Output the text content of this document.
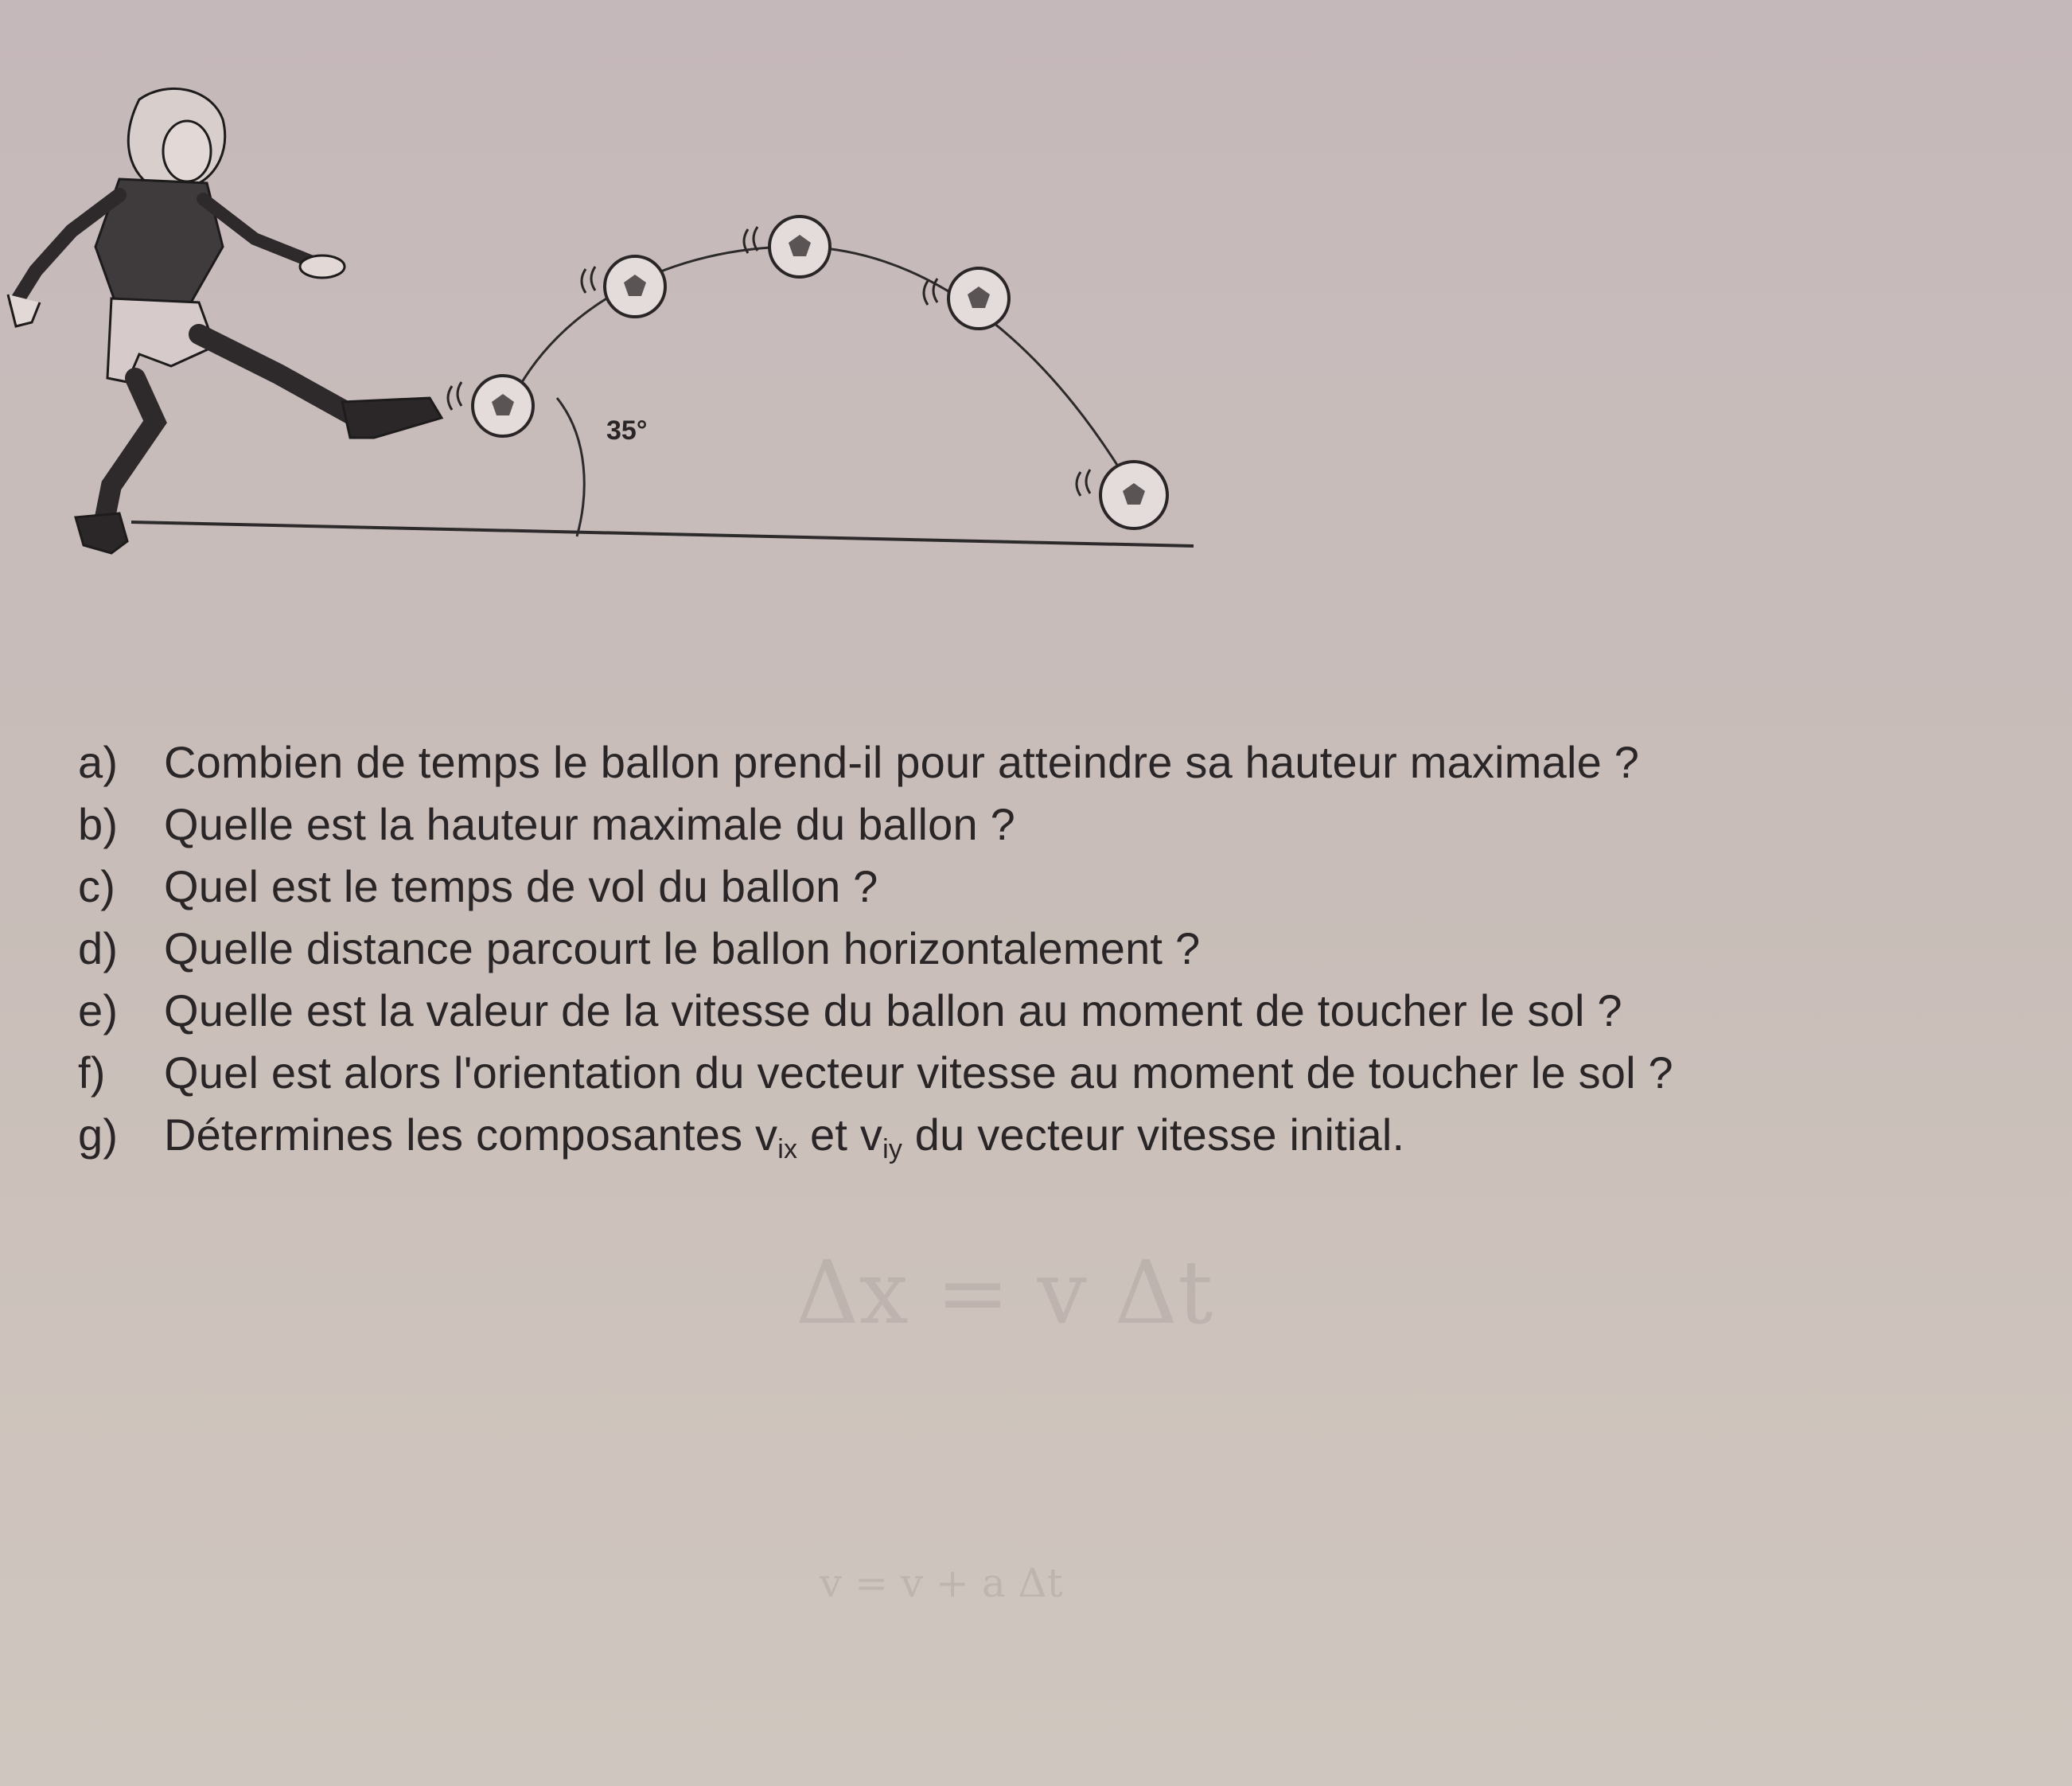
35°
a)	Combien de temps le ballon prend-il pour atteindre sa hauteur maximale ?
b)	Quelle est la hauteur maximale du ballon ?
c)	Quel est le temps de vol du ballon ?
d)	Quelle distance parcourt le ballon horizontalement ?
e)	Quelle est la valeur de la vitesse du ballon au moment de toucher le sol ?
f)	Quel est alors l'orientation du vecteur vitesse au moment de toucher le sol ?
g)	Détermines les composantes $v_{ix}$ et $v_{iy}$ du vecteur vitesse initial.
Δx = v Δt
v = v + a Δt
